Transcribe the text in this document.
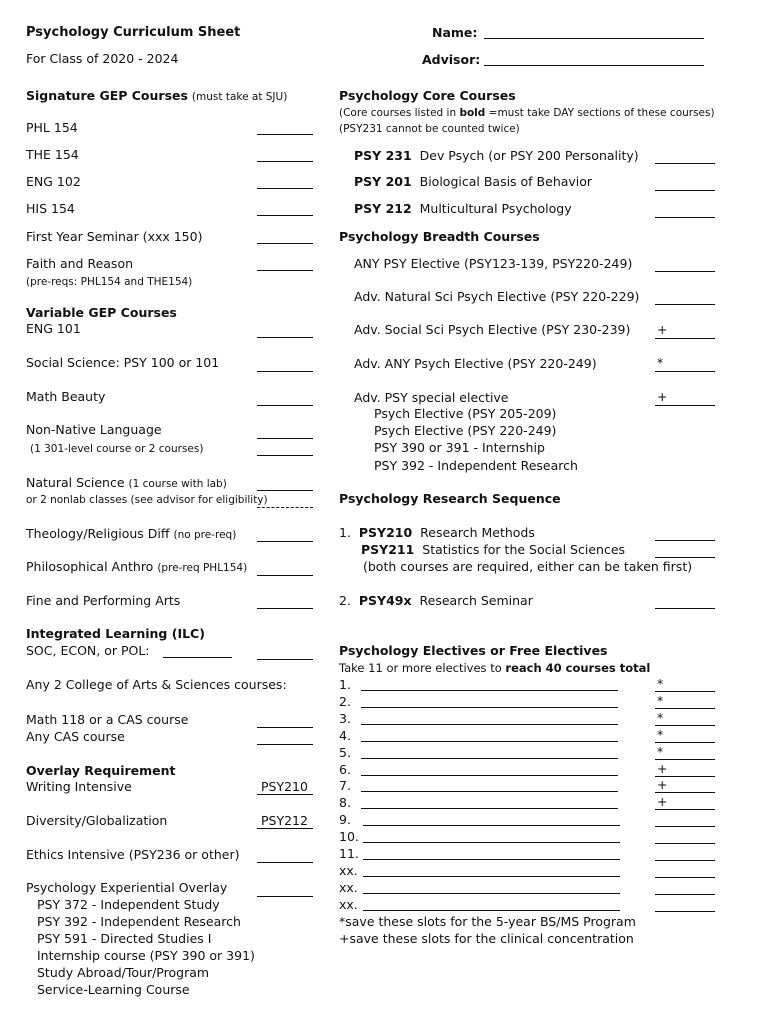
Psychology Curriculum Sheet
For Class of 2020 - 2024
Name:
Advisor:
Signature GEP Courses (must take at SJU)
PHL 154
THE 154
ENG 102
HIS 154
First Year Seminar (xxx 150)
Faith and Reason
(pre-reqs: PHL154 and THE154)
Variable GEP Courses
ENG 101
Social Science: PSY 100 or 101
Math Beauty
Non-Native Language
(1 301-level course or 2 courses)
Natural Science (1 course with lab)
or 2 nonlab classes (see advisor for eligibility)
Theology/Religious Diff (no pre-req)
Philosophical Anthro (pre-req PHL154)
Fine and Performing Arts
Integrated Learning (ILC)
SOC, ECON, or POL:
Any 2 College of Arts & Sciences courses:
Math 118 or a CAS course
Any CAS course
Overlay Requirement
Writing Intensive	PSY210
Diversity/Globalization	PSY212
Ethics Intensive (PSY236 or other)
Psychology Experiential Overlay
PSY 372 - Independent Study
PSY 392 - Independent Research
PSY 591 - Directed Studies I
Internship course (PSY 390 or 391)
Study Abroad/Tour/Program
Service-Learning Course
Psychology Core Courses
(Core courses listed in bold =must take DAY sections of these courses)
(PSY231 cannot be counted twice)
PSY 231 Dev Psych (or PSY 200 Personality)
PSY 201 Biological Basis of Behavior
PSY 212 Multicultural Psychology
Psychology Breadth Courses
ANY PSY Elective (PSY123-139, PSY220-249)
Adv. Natural Sci Psych Elective (PSY 220-229)
Adv. Social Sci Psych Elective (PSY 230-239) +
Adv. ANY Psych Elective (PSY 220-249)	*
Adv. PSY special elective	+
Psych Elective (PSY 205-209)
Psych Elective (PSY 220-249)
PSY 390 or 391 - Internship
PSY 392 - Independent Research
Psychology Research Sequence
1. PSY210 Research Methods
PSY211 Statistics for the Social Sciences
(both courses are required, either can be taken first)
2. PSY49x Research Seminar
Psychology Electives or Free Electives
Take 11 or more electives to reach 40 courses total
1.	*
2.	*
3.	*
4.	*
5.	*
6.	+
7.	+
8.	+
9.
10.
11.
xx.
xx.
xx.
*save these slots for the 5-year BS/MS Program
+save these slots for the clinical concentration
